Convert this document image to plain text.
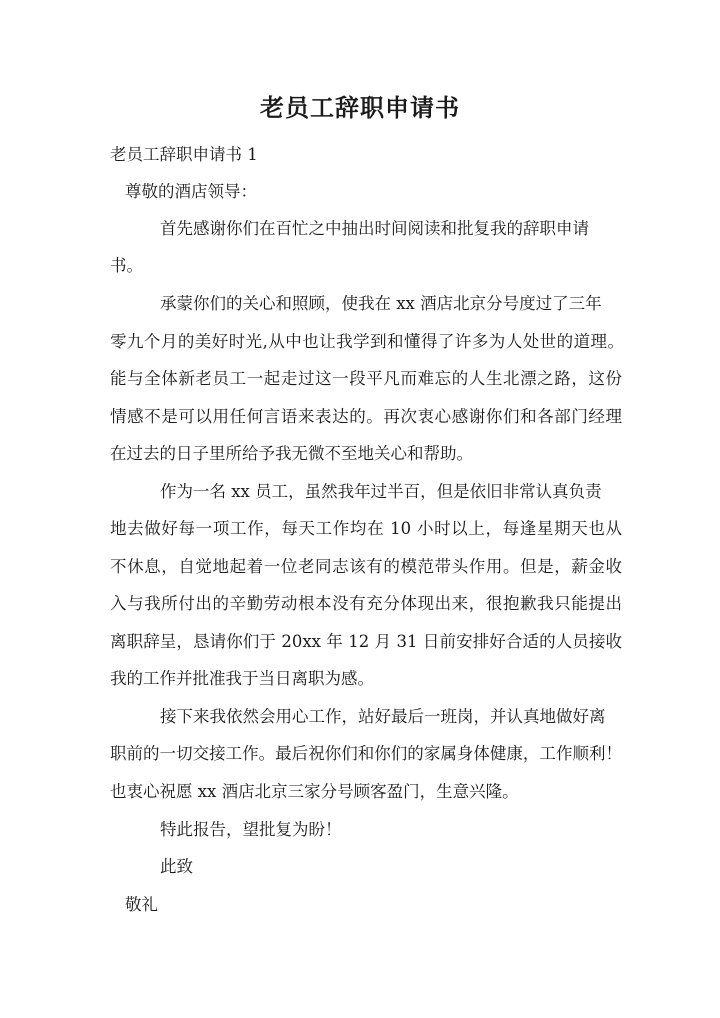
老员工辞职申请书

老员工辞职申请书 1

尊敬的酒店领导：

首先感谢你们在百忙之中抽出时间阅读和批复我的辞职申请

书。

承蒙你们的关心和照顾，使我在 xx 酒店北京分号度过了三年

零九个月的美好时光,从中也让我学到和懂得了许多为人处世的道理。

能与全体新老员工一起走过这一段平凡而难忘的人生北漂之路，这份

情感不是可以用任何言语来表达的。再次衷心感谢你们和各部门经理

在过去的日子里所给予我无微不至地关心和帮助。

作为一名 xx 员工，虽然我年过半百，但是依旧非常认真负责

地去做好每一项工作，每天工作均在 10 小时以上，每逢星期天也从

不休息，自觉地起着一位老同志该有的模范带头作用。但是，薪金收

入与我所付出的辛勤劳动根本没有充分体现出来，很抱歉我只能提出

离职辞呈，恳请你们于 20xx 年 12 月 31 日前安排好合适的人员接收

我的工作并批准我于当日离职为感。

接下来我依然会用心工作，站好最后一班岗，并认真地做好离

职前的一切交接工作。最后祝你们和你们的家属身体健康，工作顺利！

也衷心祝愿 xx 酒店北京三家分号顾客盈门，生意兴隆。

特此报告，望批复为盼！

此致

敬礼
